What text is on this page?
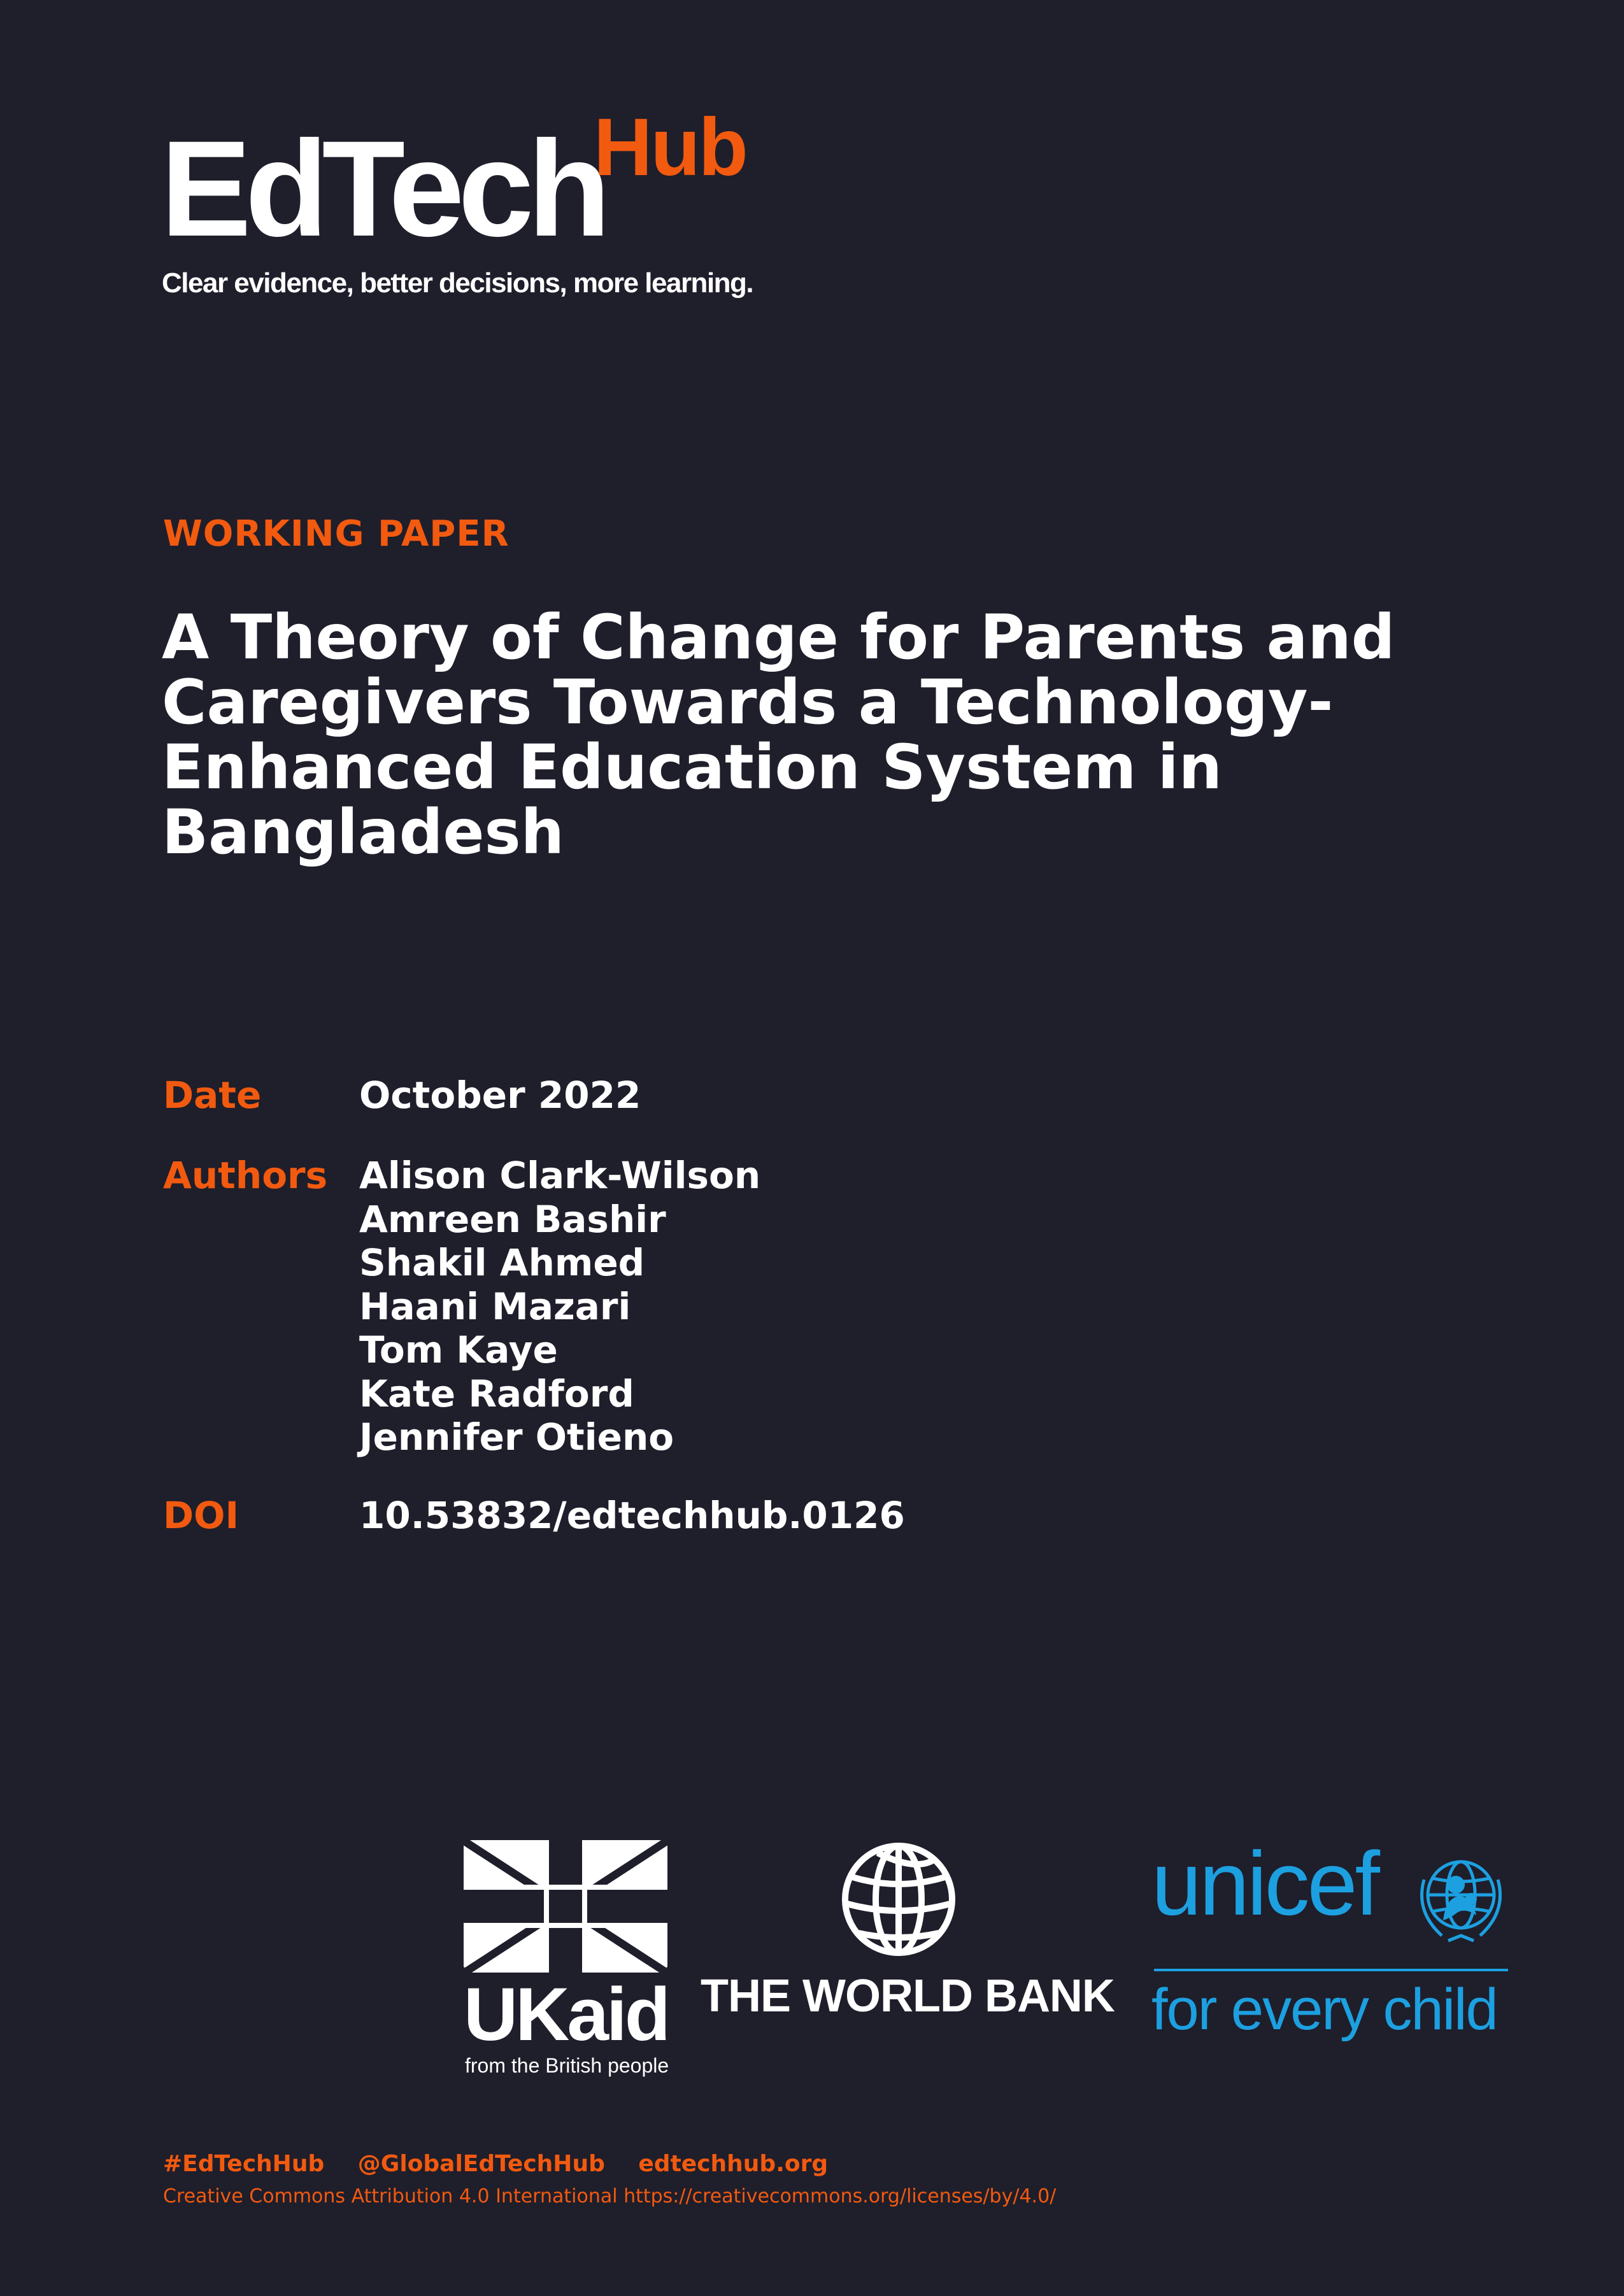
EdTech
Hub
Clear evidence, better decisions, more learning.
WORKING PAPER
A Theory of Change for Parents and
Caregivers Towards a Technology-
Enhanced Education System in
Bangladesh
Date	October 2022
Authors Alison Clark-Wilson
Amreen Bashir
Shakil Ahmed
Haani Mazari
Tom Kaye
Kate Radford
Jennifer Otieno
DOI	10.53832/edtechhub.0126
UKaid
from the British people
THE WORLD BANK
unicef
for every child
#EdTechHub @GlobalEdTechHub edtechhub.org
Creative Commons Attribution 4.0 International https://creativecommons.org/licenses/by/4.0/
